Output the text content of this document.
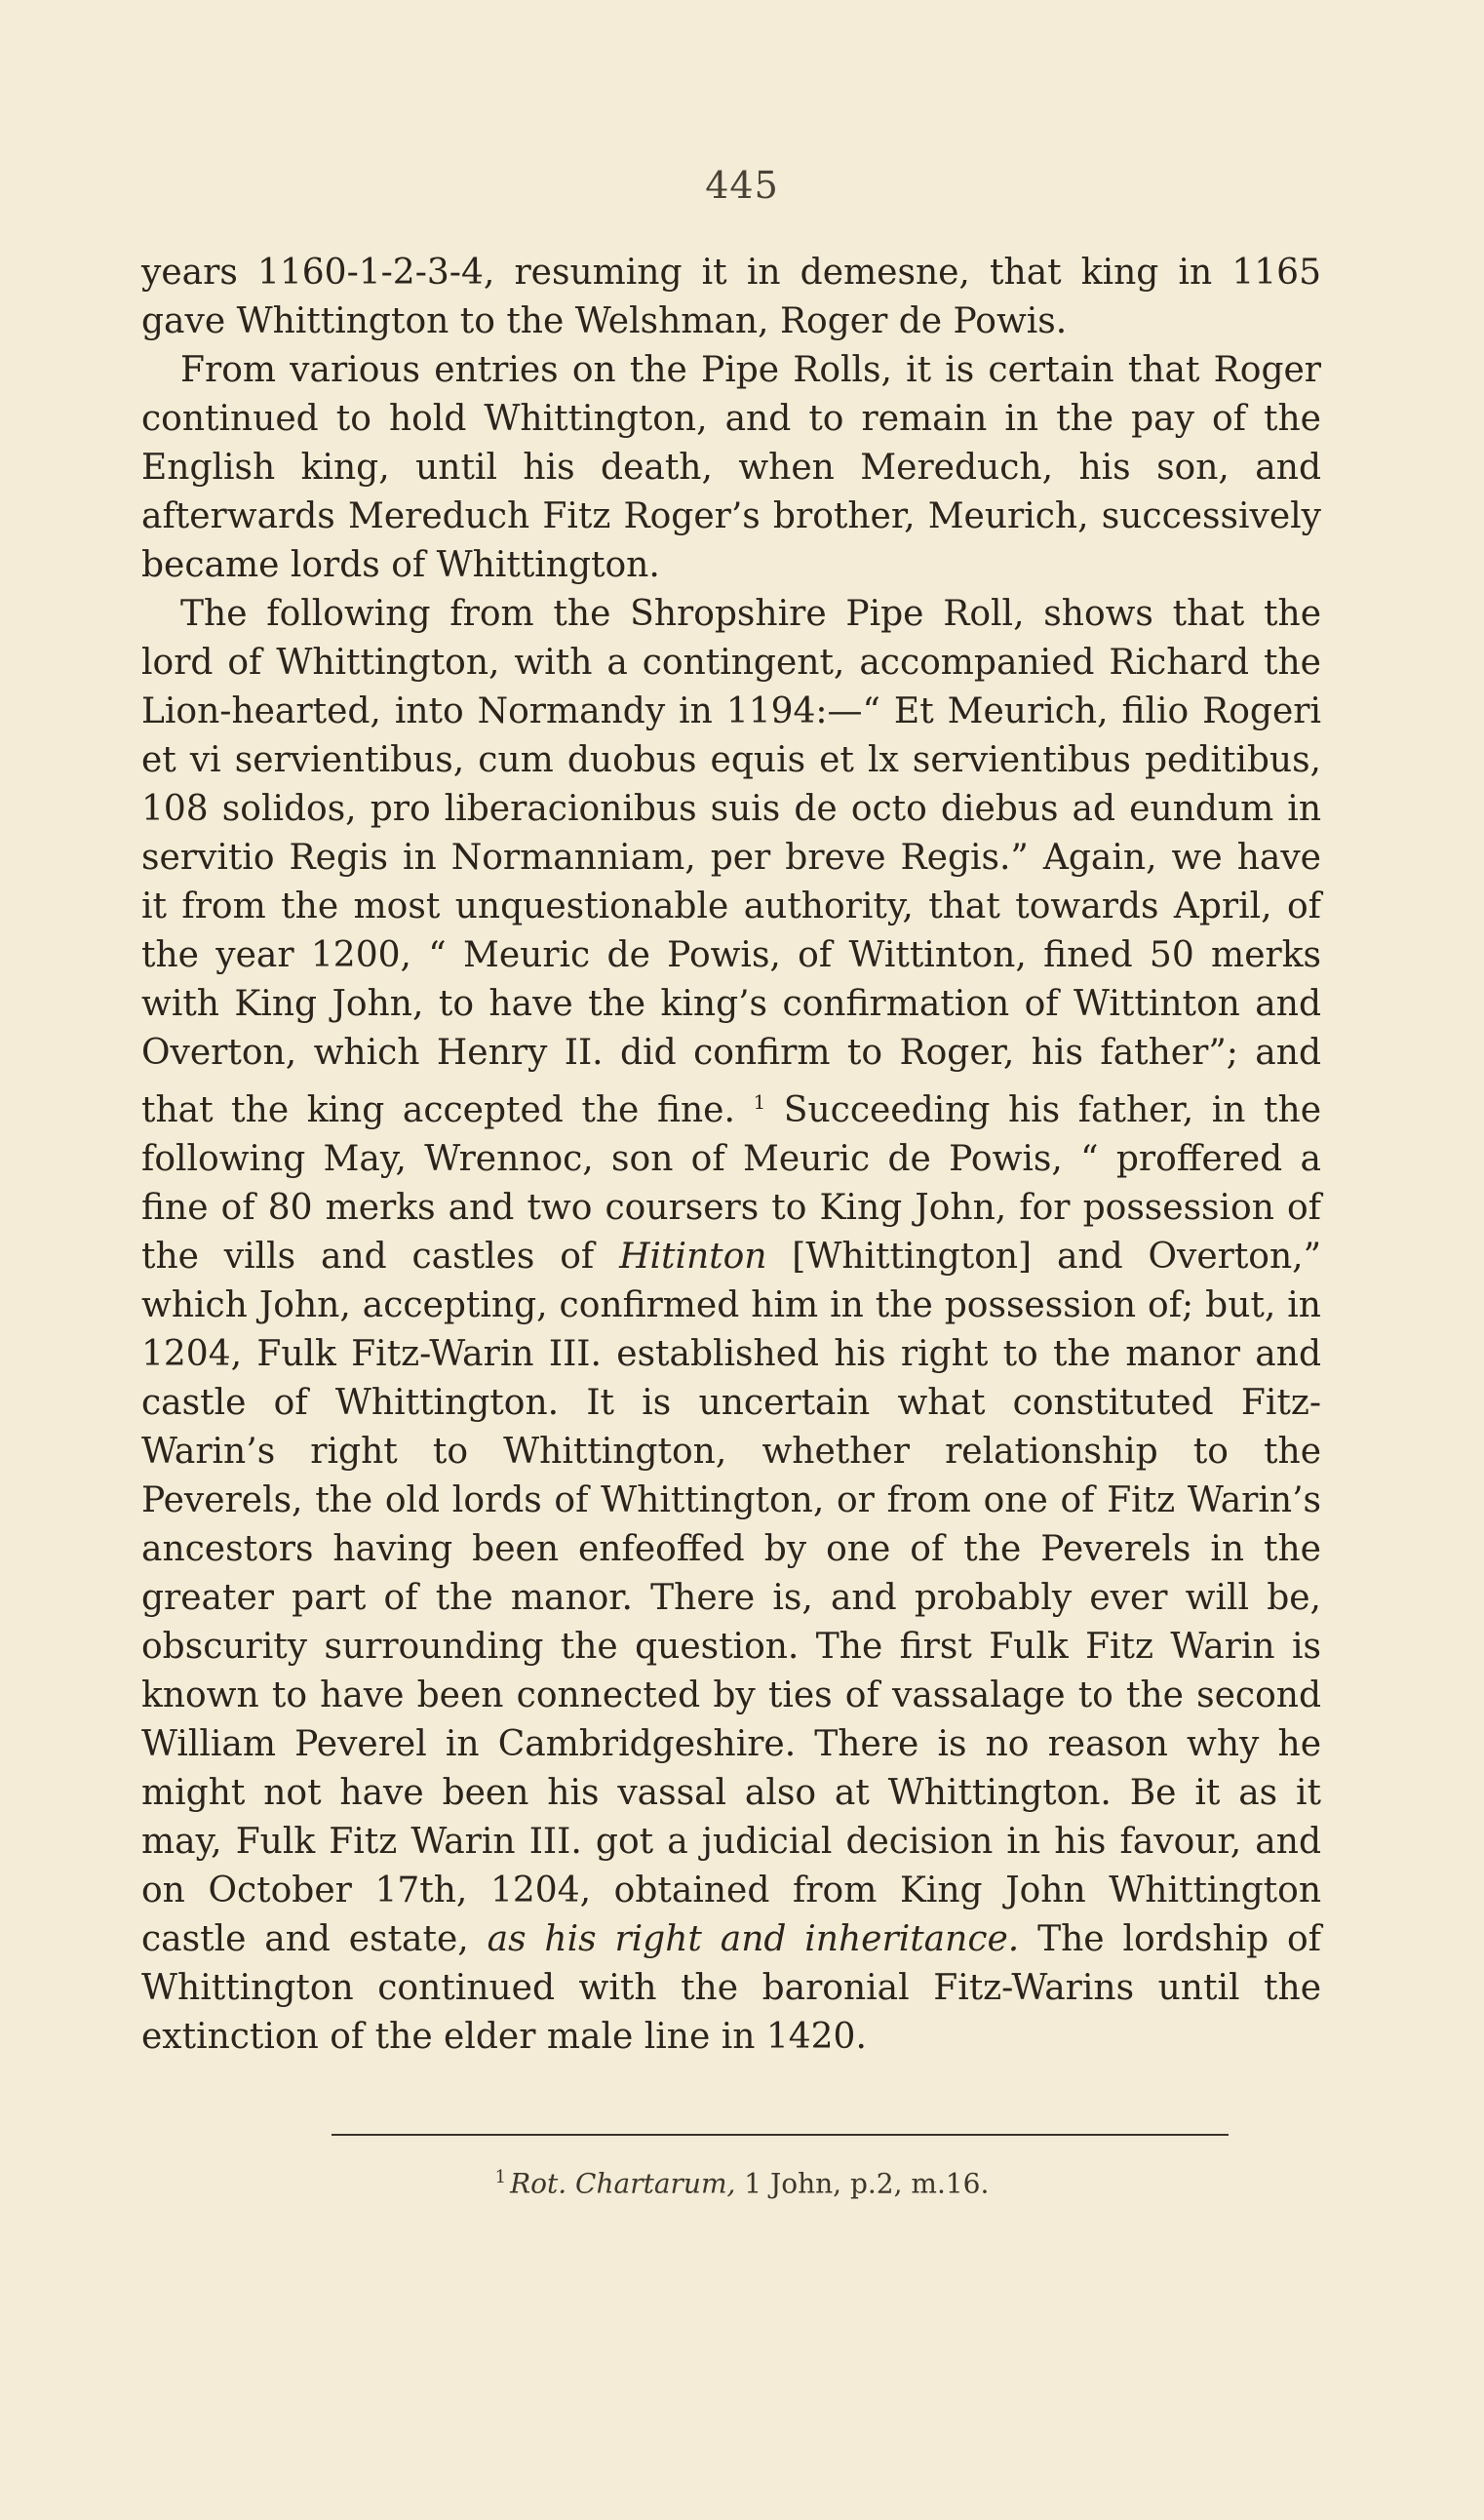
445

years 1160-1-2-3-4, resuming it in demesne, that king in 1165 gave Whittington to the Welshman, Roger de Powis.

From various entries on the Pipe Rolls, it is certain that Roger continued to hold Whittington, and to remain in the pay of the English king, until his death, when Mereduch, his son, and afterwards Mereduch Fitz Roger’s brother, Meurich, successively became lords of Whittington.

The following from the Shropshire Pipe Roll, shows that the lord of Whittington, with a contingent, accompanied Richard the Lion-hearted, into Normandy in 1194:—“ Et Meurich, filio Rogeri et vi servientibus, cum duobus equis et lx servientibus peditibus, 108 solidos, pro liberacionibus suis de octo diebus ad eundum in servitio Regis in Normanniam, per breve Regis.” Again, we have it from the most unquestionable authority, that towards April, of the year 1200, “ Meuric de Powis, of Wittinton, fined 50 merks with King John, to have the king’s confirmation of Wittinton and Overton, which Henry II. did confirm to Roger, his father”; and that the king accepted the fine. $^1$ Succeeding his father, in the following May, Wrennoc, son of Meuric de Powis, “ proffered a fine of 80 merks and two coursers to King John, for possession of the vills and castles of Hitinton [Whittington] and Overton,” which John, accepting, confirmed him in the possession of; but, in 1204, Fulk Fitz-Warin III. established his right to the manor and castle of Whittington. It is uncertain what constituted Fitz-Warin’s right to Whittington, whether relationship to the Peverels, the old lords of Whittington, or from one of Fitz Warin’s ancestors having been enfeoffed by one of the Peverels in the greater part of the manor. There is, and probably ever will be, obscurity surrounding the question. The first Fulk Fitz Warin is known to have been connected by ties of vassalage to the second William Peverel in Cambridgeshire. There is no reason why he might not have been his vassal also at Whittington. Be it as it may, Fulk Fitz Warin III. got a judicial decision in his favour, and on October 17th, 1204, obtained from King John Whittington castle and estate, as his right and inheritance. The lordship of Whittington continued with the baronial Fitz-Warins until the extinction of the elder male line in 1420.

$^1$ Rot. Chartarum, 1 John, p.2, m.16.
